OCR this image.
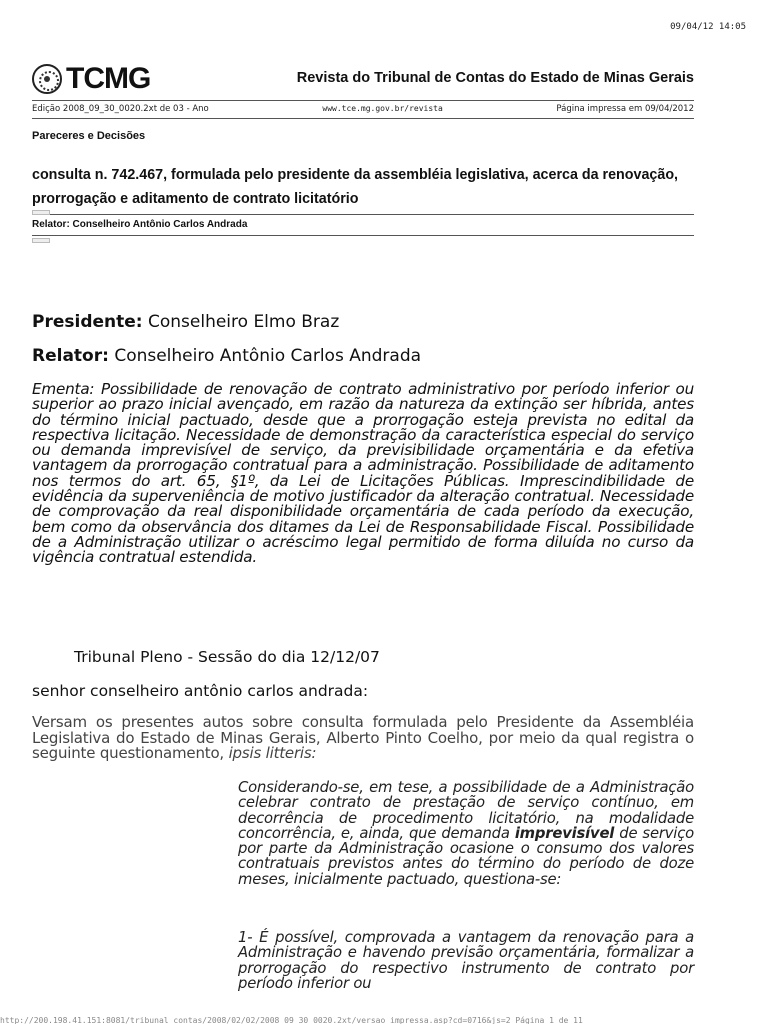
09/04/12 14:05
TCMG	Revista do Tribunal de Contas do Estado de Minas Gerais
Edição 2008_09_30_0020.2xt de 03 - Ano	www.tce.mg.gov.br/revista	Página impressa em 09/04/2012
Pareceres e Decisões
consulta n. 742.467, formulada pelo presidente da assembléia legislativa, acerca da renovação, prorrogação e aditamento de contrato licitatório
Relator: Conselheiro Antônio Carlos Andrada
Presidente: Conselheiro Elmo Braz
Relator: Conselheiro Antônio Carlos Andrada
Ementa: Possibilidade de renovação de contrato administrativo por período inferior ou superior ao prazo inicial avençado, em razão da natureza da extinção ser híbrida, antes do término inicial pactuado, desde que a prorrogação esteja prevista no edital da respectiva licitação. Necessidade de demonstração da característica especial do serviço ou demanda imprevisível de serviço, da previsibilidade orçamentária e da efetiva vantagem da prorrogação contratual para a administração. Possibilidade de aditamento nos termos do art. 65, §1º, da Lei de Licitações Públicas. Imprescindibilidade de evidência da superveniência de motivo justificador da alteração contratual. Necessidade de comprovação da real disponibilidade orçamentária de cada período da execução, bem como da observância dos ditames da Lei de Responsabilidade Fiscal. Possibilidade de a Administração utilizar o acréscimo legal permitido de forma diluída no curso da vigência contratual estendida.
Tribunal Pleno - Sessão do dia 12/12/07
senhor conselheiro antônio carlos andrada:
Versam os presentes autos sobre consulta formulada pelo Presidente da Assembléia Legislativa do Estado de Minas Gerais, Alberto Pinto Coelho, por meio da qual registra o seguinte questionamento, ipsis litteris:
Considerando-se, em tese, a possibilidade de a Administração celebrar contrato de prestação de serviço contínuo, em decorrência de procedimento licitatório, na modalidade concorrência, e, ainda, que demanda imprevisível de serviço por parte da Administração ocasione o consumo dos valores contratuais previstos antes do término do período de doze meses, inicialmente pactuado, questiona-se:
1- É possível, comprovada a vantagem da renovação para a Administração e havendo previsão orçamentária, formalizar a prorrogação do respectivo instrumento de contrato por período inferior ou
http://200.198.41.151:8081/tribunal_contas/2008/02/02/2008_09_30_0020.2xt/versao_impressa.asp?cd=0716&js=2 Página 1 de 11
